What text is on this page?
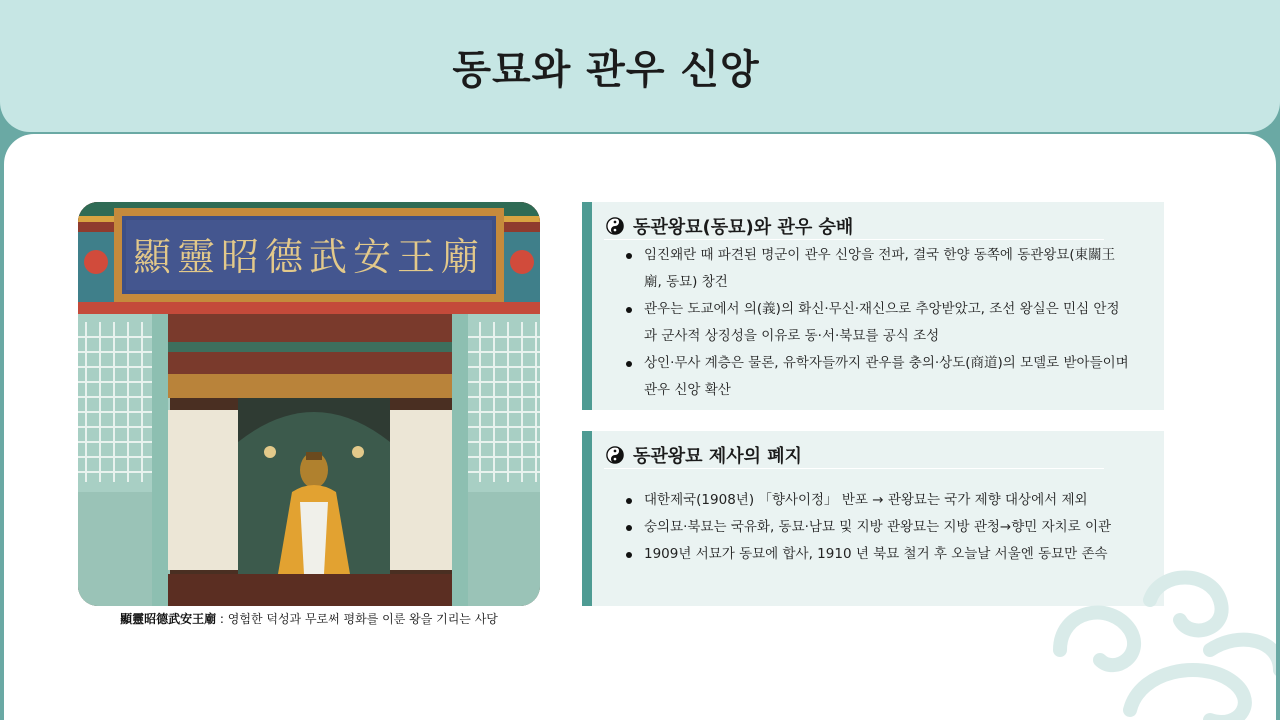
동묘와 관우 신앙
顯靈昭德武安王廟
顯靈昭德武安王廟 : 영험한 덕성과 무로써 평화를 이룬 왕을 기리는 사당
동관왕묘(동묘)와 관우 숭배
임진왜란 때 파견된 명군이 관우 신앙을 전파, 결국 한양 동쪽에 동관왕묘(東關王廟, 동묘) 창건
관우는 도교에서 의(義)의 화신·무신·재신으로 추앙받았고, 조선 왕실은 민심 안정과 군사적 상징성을 이유로 동·서·북묘를 공식 조성
상인·무사 계층은 물론, 유학자들까지 관우를 충의·상도(商道)의 모델로 받아들이며 관우 신앙 확산
동관왕묘 제사의 폐지
대한제국(1908년) 「향사이정」 반포 → 관왕묘는 국가 제향 대상에서 제외
숭의묘·북묘는 국유화, 동묘·남묘 및 지방 관왕묘는 지방 관청→향민 자치로 이관
1909년 서묘가 동묘에 합사, 1910 년 북묘 철거 후 오늘날 서울엔 동묘만 존속
